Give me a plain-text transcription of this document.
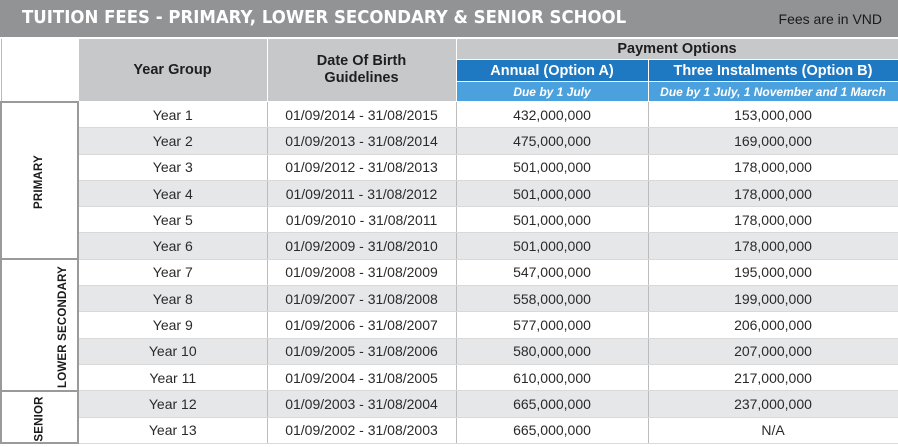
TUITION FEES - PRIMARY, LOWER SECONDARY & SENIOR SCHOOL	Fees are in VND
	Year Group	Date Of Birth Guidelines	Payment Options	
			Annual (Option A)	Three Instalments (Option B)
			Due by 1 July	Due by 1 July, 1 November and 1 March
PRIMARY	Year 1	01/09/2014 - 31/08/2015	432,000,000	153,000,000
	Year 2	01/09/2013 - 31/08/2014	475,000,000	169,000,000
	Year 3	01/09/2012 - 31/08/2013	501,000,000	178,000,000
	Year 4	01/09/2011 - 31/08/2012	501,000,000	178,000,000
	Year 5	01/09/2010 - 31/08/2011	501,000,000	178,000,000
	Year 6	01/09/2009 - 31/08/2010	501,000,000	178,000,000
LOWER SECONDARY	Year 7	01/09/2008 - 31/08/2009	547,000,000	195,000,000
	Year 8	01/09/2007 - 31/08/2008	558,000,000	199,000,000
	Year 9	01/09/2006 - 31/08/2007	577,000,000	206,000,000
	Year 10	01/09/2005 - 31/08/2006	580,000,000	207,000,000
	Year 11	01/09/2004 - 31/08/2005	610,000,000	217,000,000
SENIOR	Year 12	01/09/2003 - 31/08/2004	665,000,000	237,000,000
	Year 13	01/09/2002 - 31/08/2003	665,000,000	N/A
